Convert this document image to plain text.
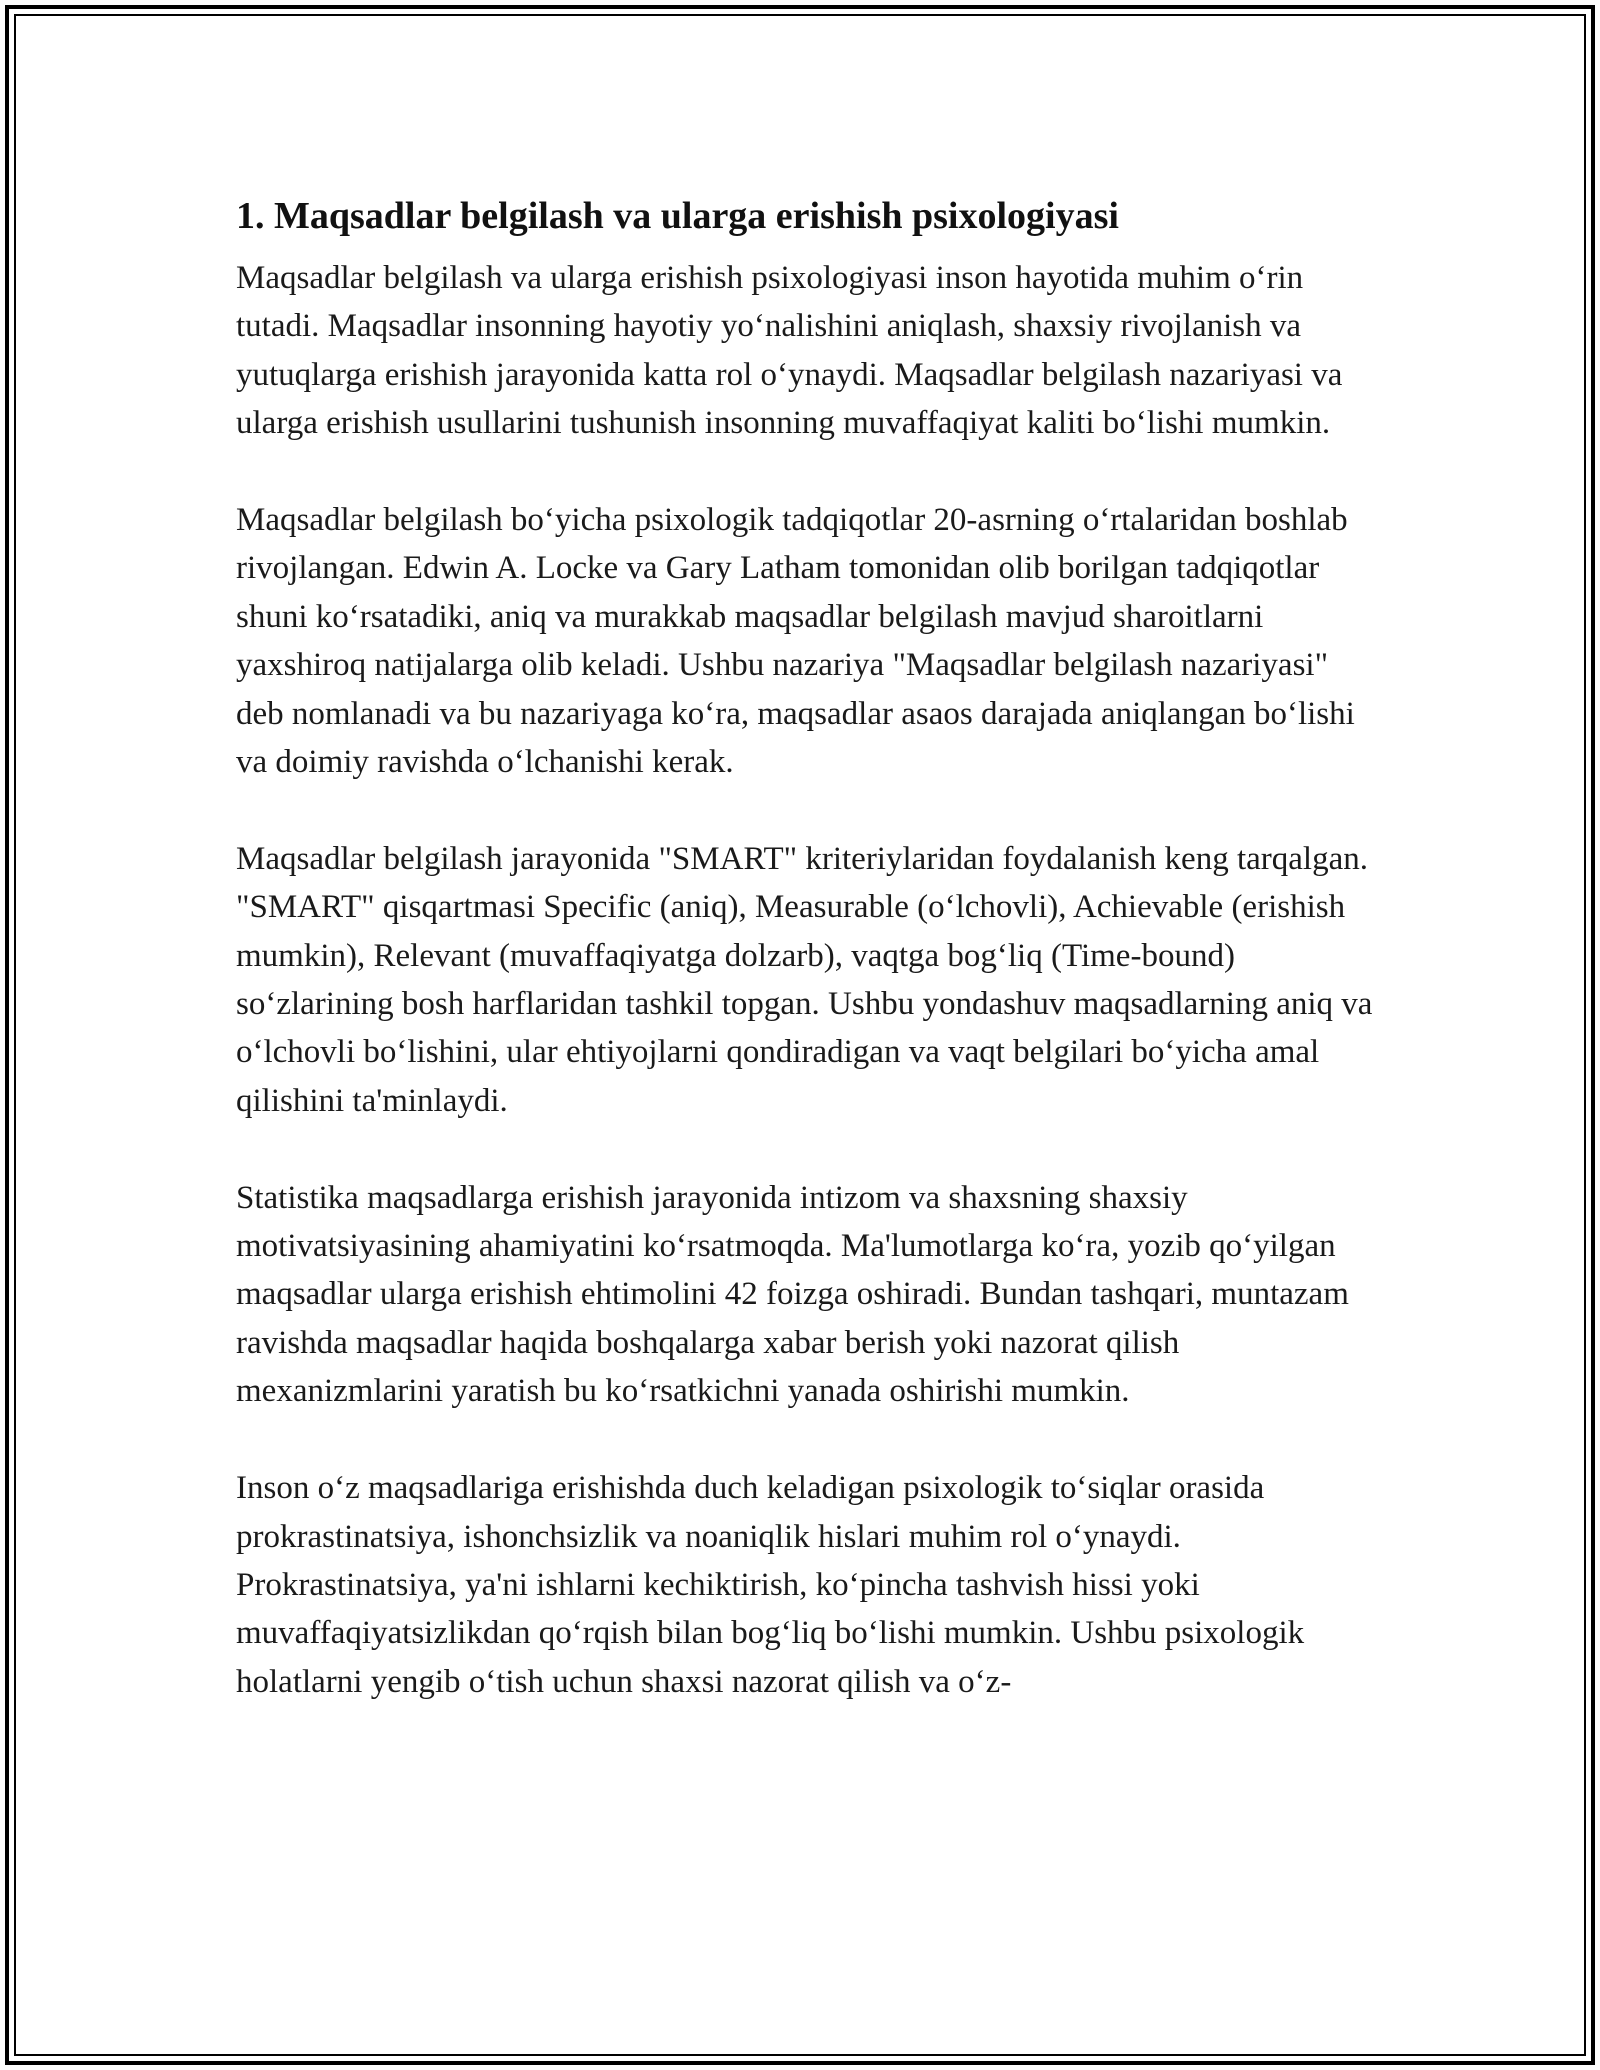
1. Maqsadlar belgilash va ularga erishish psixologiyasi

Maqsadlar belgilash va ularga erishish psixologiyasi inson hayotida muhim oʻrin tutadi. Maqsadlar insonning hayotiy yoʻnalishini aniqlash, shaxsiy rivojlanish va yutuqlarga erishish jarayonida katta rol oʻynaydi. Maqsadlar belgilash nazariyasi va ularga erishish usullarini tushunish insonning muvaffaqiyat kaliti boʻlishi mumkin.

Maqsadlar belgilash boʻyicha psixologik tadqiqotlar 20-asrning oʻrtalaridan boshlab rivojlangan. Edwin A. Locke va Gary Latham tomonidan olib borilgan tadqiqotlar shuni koʻrsatadiki, aniq va murakkab maqsadlar belgilash mavjud sharoitlarni yaxshiroq natijalarga olib keladi. Ushbu nazariya "Maqsadlar belgilash nazariyasi" deb nomlanadi va bu nazariyaga koʻra, maqsadlar asaos darajada aniqlangan boʻlishi va doimiy ravishda oʻlchanishi kerak.

Maqsadlar belgilash jarayonida "SMART" kriteriylaridan foydalanish keng tarqalgan. "SMART" qisqartmasi Specific (aniq), Measurable (oʻlchovli), Achievable (erishish mumkin), Relevant (muvaffaqiyatga dolzarb), vaqtga bogʻliq (Time-bound) soʻzlarining bosh harflaridan tashkil topgan. Ushbu yondashuv maqsadlarning aniq va oʻlchovli boʻlishini, ular ehtiyojlarni qondiradigan va vaqt belgilari boʻyicha amal qilishini ta'minlaydi.

Statistika maqsadlarga erishish jarayonida intizom va shaxsning shaxsiy motivatsiyasining ahamiyatini koʻrsatmoqda. Ma'lumotlarga koʻra, yozib qoʻyilgan maqsadlar ularga erishish ehtimolini 42 foizga oshiradi. Bundan tashqari, muntazam ravishda maqsadlar haqida boshqalarga xabar berish yoki nazorat qilish mexanizmlarini yaratish bu koʻrsatkichni yanada oshirishi mumkin.

Inson oʻz maqsadlariga erishishda duch keladigan psixologik toʻsiqlar orasida prokrastinatsiya, ishonchsizlik va noaniqlik hislari muhim rol oʻynaydi. Prokrastinatsiya, ya'ni ishlarni kechiktirish, koʻpincha tashvish hissi yoki muvaffaqiyatsizlikdan qoʻrqish bilan bogʻliq boʻlishi mumkin. Ushbu psixologik holatlarni yengib oʻtish uchun shaxsi nazorat qilish va oʻz-
